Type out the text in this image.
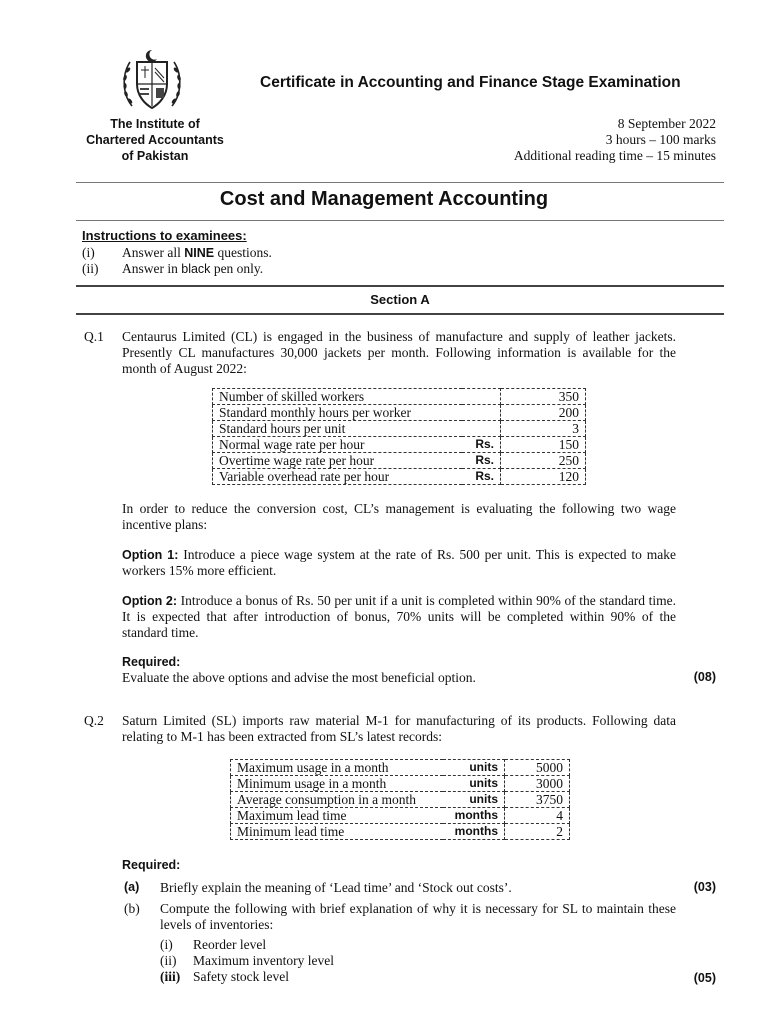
Certificate in Accounting and Finance Stage Examination
The Institute of
Chartered Accountants
of Pakistan
8 September 2022
3 hours – 100 marks
Additional reading time – 15 minutes
Cost and Management Accounting
Instructions to examinees:
(i) Answer all NINE questions.
(ii) Answer in black pen only.
Section A
Q.1 Centaurus Limited (CL) is engaged in the business of manufacture and supply of leather jackets. Presently CL manufactures 30,000 jackets per month. Following information is available for the month of August 2022:
Number of skilled workers		350
Standard monthly hours per worker		200
Standard hours per unit		3
Normal wage rate per hour	Rs.	150
Overtime wage rate per hour	Rs.	250
Variable overhead rate per hour	Rs.	120
In order to reduce the conversion cost, CL’s management is evaluating the following two wage incentive plans:
Option 1: Introduce a piece wage system at the rate of Rs. 500 per unit. This is expected to make workers 15% more efficient.
Option 2: Introduce a bonus of Rs. 50 per unit if a unit is completed within 90% of the standard time. It is expected that after introduction of bonus, 70% units will be completed within 90% of the standard time.
Required:
Evaluate the above options and advise the most beneficial option.	(08)
Q.2 Saturn Limited (SL) imports raw material M-1 for manufacturing of its products. Following data relating to M-1 has been extracted from SL’s latest records:
Maximum usage in a month	units	5000
Minimum usage in a month	units	3000
Average consumption in a month	units	3750
Maximum lead time	months	4
Minimum lead time	months	2
Required:
(a) Briefly explain the meaning of ‘Lead time’ and ‘Stock out costs’.	(03)
(b) Compute the following with brief explanation of why it is necessary for SL to maintain these levels of inventories:
(i) Reorder level
(ii) Maximum inventory level
(iii) Safety stock level	(05)
